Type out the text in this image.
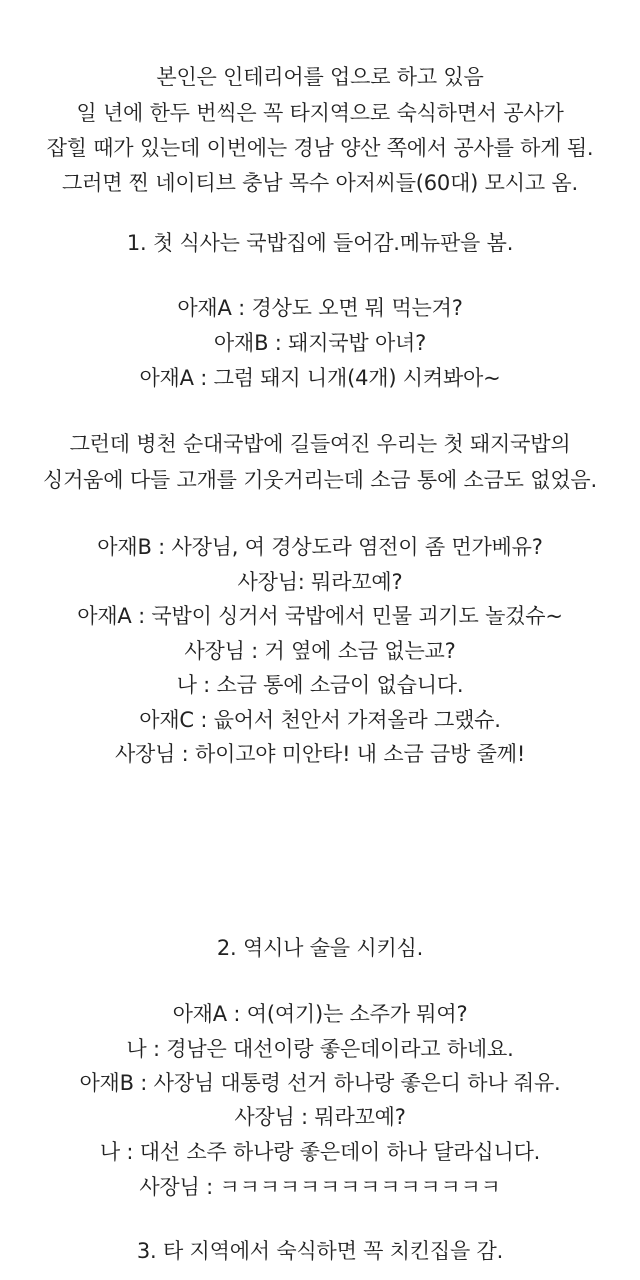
본인은 인테리어를 업으로 하고 있음
일 년에 한두 번씩은 꼭 타지역으로 숙식하면서 공사가
잡힐 때가 있는데 이번에는 경남 양산 쪽에서 공사를 하게 됨.
그러면 찐 네이티브 충남 목수 아저씨들(60대) 모시고 옴.
1. 첫 식사는 국밥집에 들어감.메뉴판을 봄.
아재A : 경상도 오면 뭐 먹는겨?
아재B : 돼지국밥 아녀?
아재A : 그럼 돼지 니개(4개) 시켜봐아~
그런데 병천 순대국밥에 길들여진 우리는 첫 돼지국밥의
싱거움에 다들 고개를 기웃거리는데 소금 통에 소금도 없었음.
아재B : 사장님, 여 경상도라 염전이 좀 먼가베유?
사장님: 뭐라꼬예?
아재A : 국밥이 싱거서 국밥에서 민물 괴기도 놀겄슈~
사장님 : 거 옆에 소금 없는교?
나 : 소금 통에 소금이 없습니다.
아재C : 읎어서 천안서 가져올라 그랬슈.
사장님 : 하이고야 미안타! 내 소금 금방 줄께!
2. 역시나 술을 시키심.
아재A : 여(여기)는 소주가 뭐여?
나 : 경남은 대선이랑 좋은데이라고 하네요.
아재B : 사장님 대통령 선거 하나랑 좋은디 하나 줘유.
사장님 : 뭐라꼬예?
나 : 대선 소주 하나랑 좋은데이 하나 달라십니다.
사장님 : ㅋㅋㅋㅋㅋㅋㅋㅋㅋㅋㅋㅋㅋㅋ
3. 타 지역에서 숙식하면 꼭 치킨집을 감.
